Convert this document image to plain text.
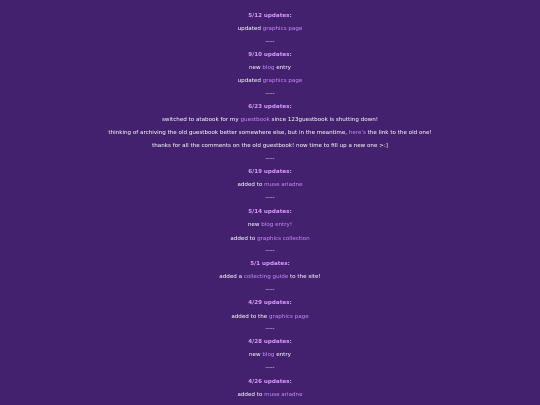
5/12 updates:
updated graphics page
-----
9/10 updates:
new blog entry
updated graphics page
-----
6/23 updates:
switched to atabook for my guestbook since 123guestbook is shutting down!
thinking of archiving the old guestbook better somewhere else, but in the meantime, here's the link to the old one!
thanks for all the comments on the old guestbook! now time to fill up a new one >:]
-----
6/19 updates:
added to muse ariadne
-----
5/14 updates:
new blog entry!
added to graphics collection
-----
5/1 updates:
added a collecting guide to the site!
-----
4/29 updates:
added to the graphics page
-----
4/28 updates:
new blog entry
-----
4/26 updates:
added to muse ariadne
